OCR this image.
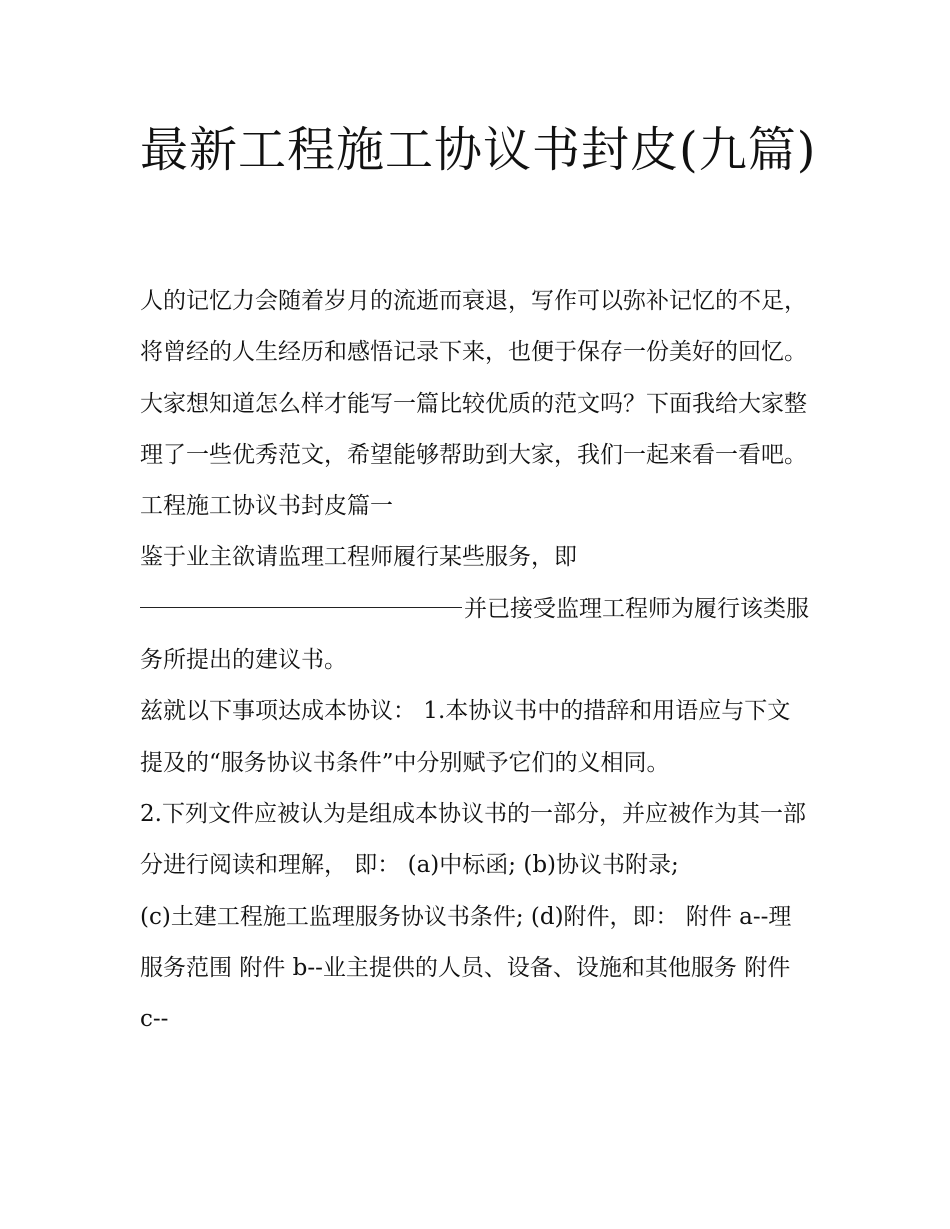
最新工程施工协议书封皮(九篇)

人的记忆力会随着岁月的流逝而衰退，写作可以弥补记忆的不足，将曾经的人生经历和感悟记录下来，也便于保存一份美好的回忆。大家想知道怎么样才能写一篇比较优质的范文吗？下面我给大家整理了一些优秀范文，希望能够帮助到大家，我们一起来看一看吧。

工程施工协议书封皮篇一

鉴于业主欲请监理工程师履行某些服务，即

并已接受监理工程师为履行该类服务所提出的建议书。

兹就以下事项达成本协议： 1.本协议书中的措辞和用语应与下文提及的“服务协议书条件”中分别赋予它们的义相同。

2.下列文件应被认为是组成本协议书的一部分，并应被作为其一部分进行阅读和理解， 即： (a)中标函; (b)协议书附录;

(c)土建工程施工监理服务协议书条件; (d)附件，即： 附件 a--理服务范围 附件 b--业主提供的人员、设备、设施和其他服务 附件 c--
